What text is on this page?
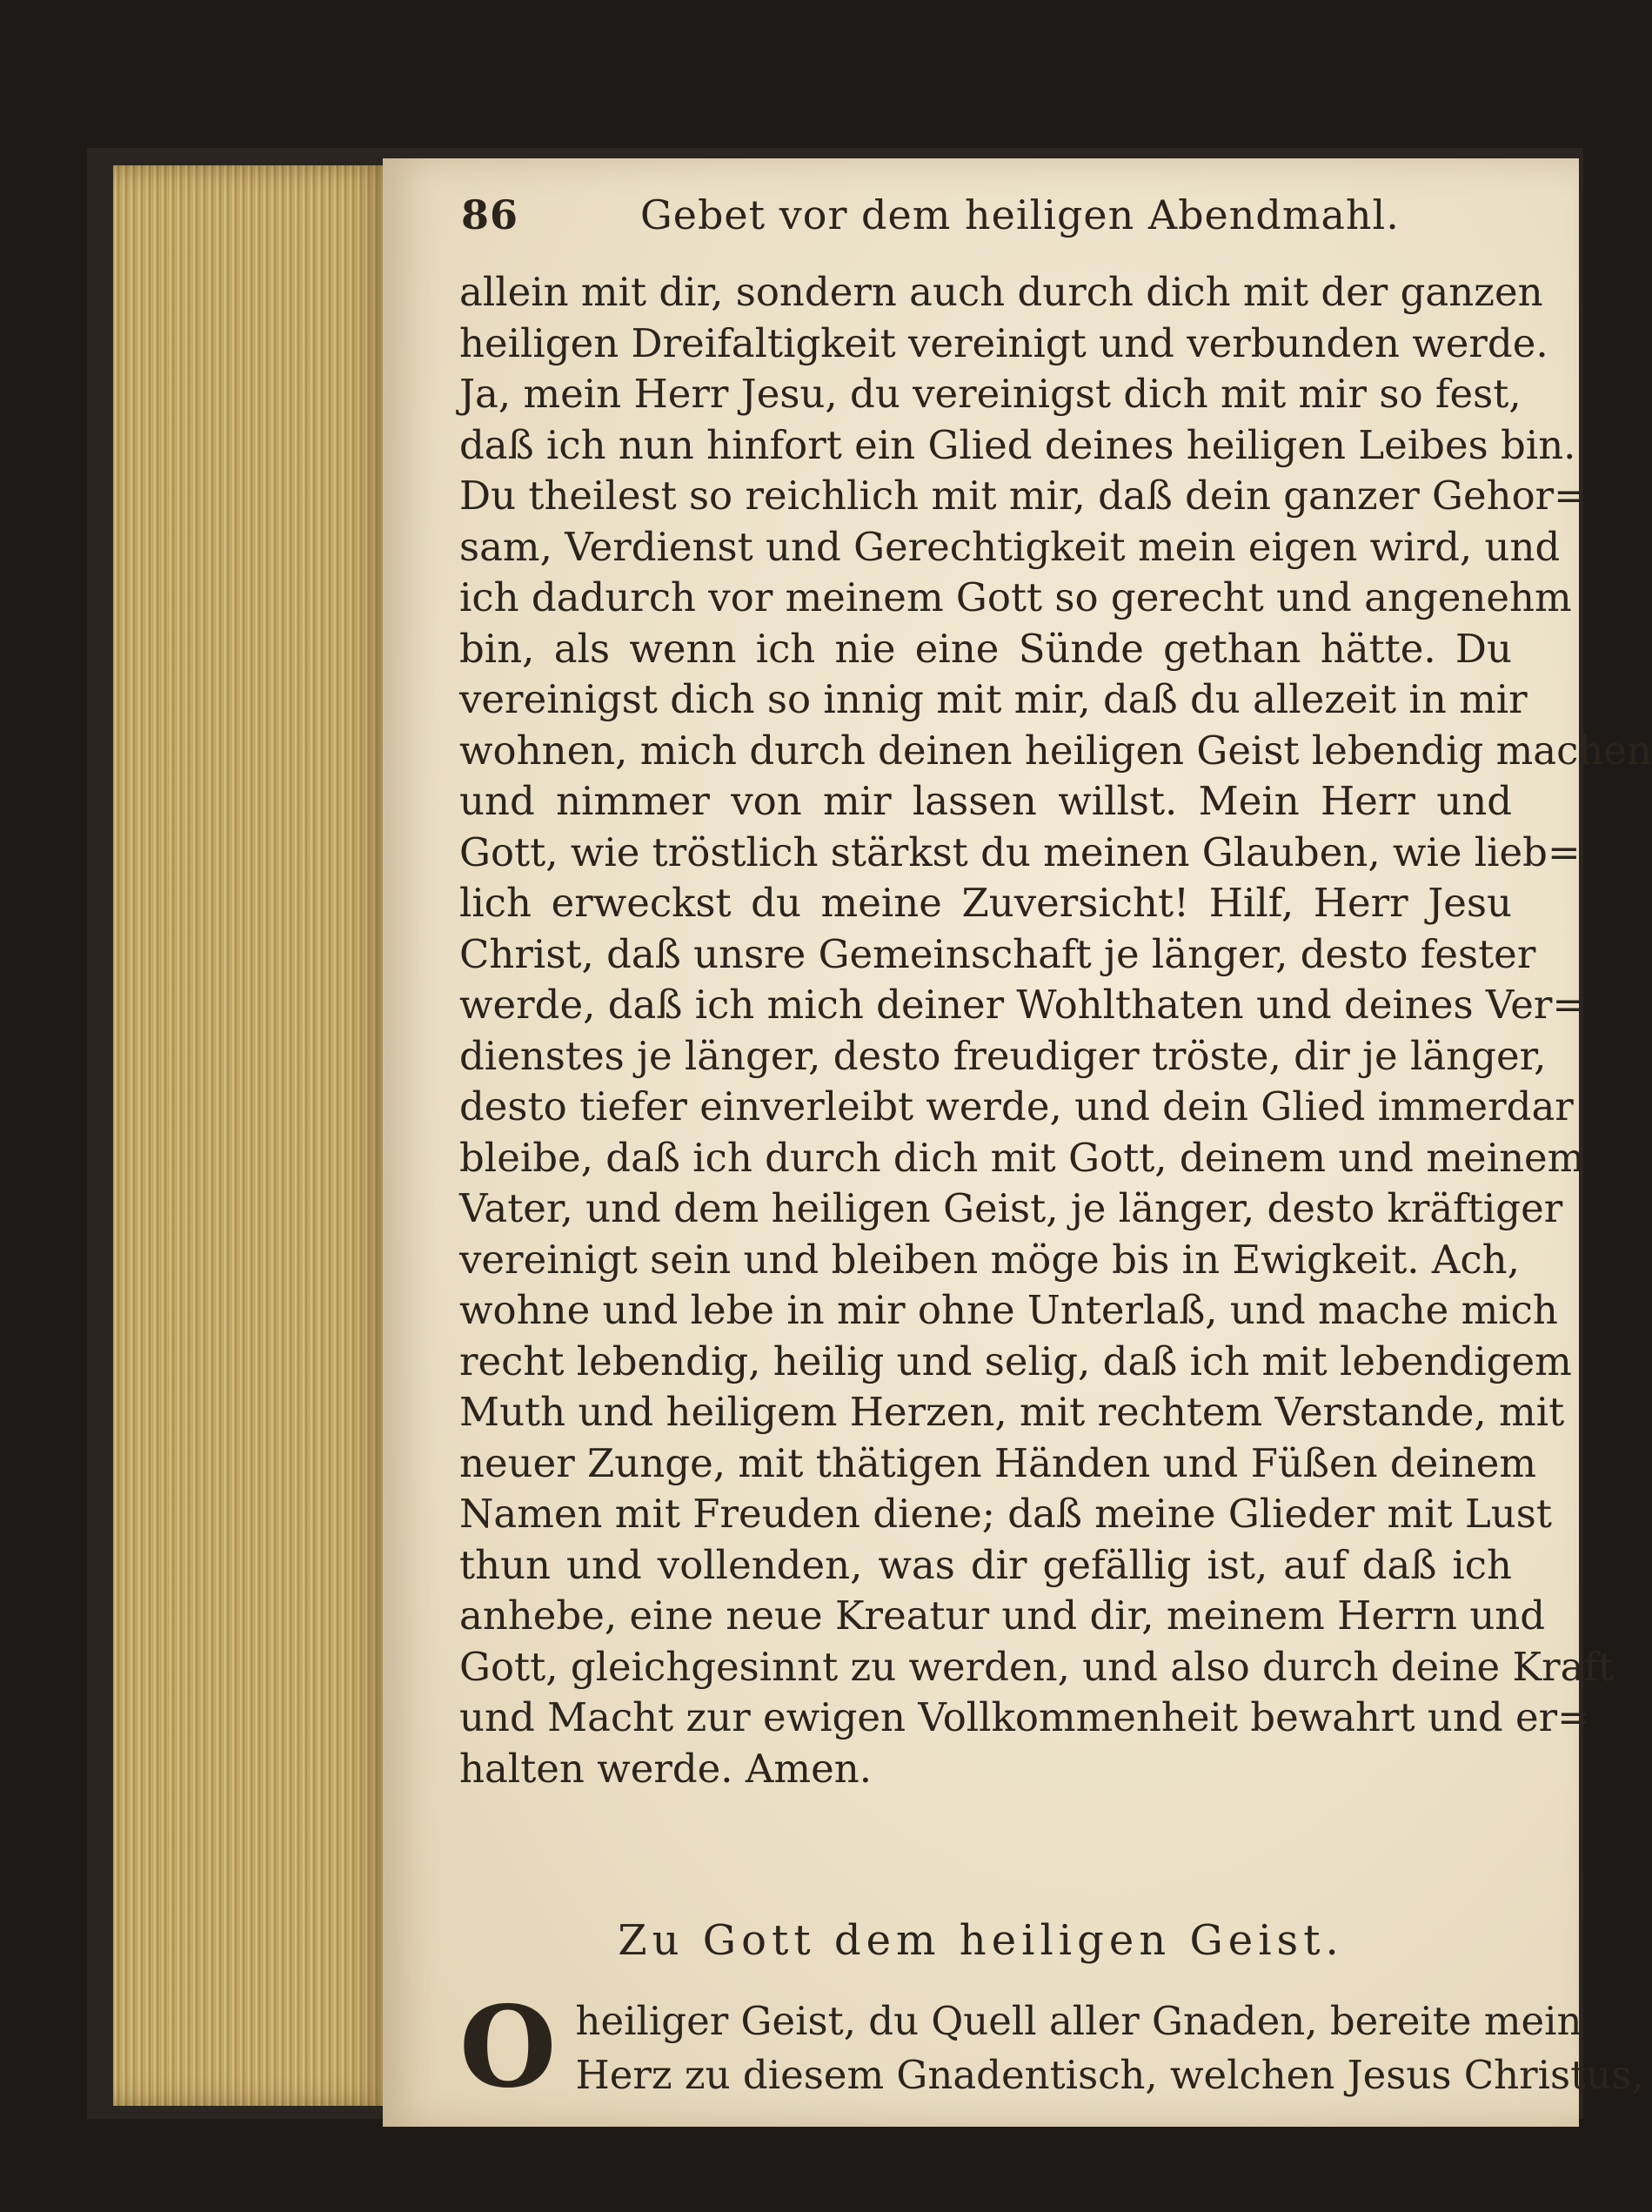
86	Gebet vor dem heiligen Abendmahl.
allein mit dir, sondern auch durch dich mit der ganzen
heiligen Dreifaltigkeit vereinigt und verbunden werde.
Ja, mein Herr Jesu, du vereinigst dich mit mir so fest,
daß ich nun hinfort ein Glied deines heiligen Leibes bin.
Du theilest so reichlich mit mir, daß dein ganzer Gehor=
sam, Verdienst und Gerechtigkeit mein eigen wird, und
ich dadurch vor meinem Gott so gerecht und angenehm
bin, als wenn ich nie eine Sünde gethan hätte. Du
vereinigst dich so innig mit mir, daß du allezeit in mir
wohnen, mich durch deinen heiligen Geist lebendig machen
und nimmer von mir lassen willst. Mein Herr und
Gott, wie tröstlich stärkst du meinen Glauben, wie lieb=
lich erweckst du meine Zuversicht! Hilf, Herr Jesu
Christ, daß unsre Gemeinschaft je länger, desto fester
werde, daß ich mich deiner Wohlthaten und deines Ver=
dienstes je länger, desto freudiger tröste, dir je länger,
desto tiefer einverleibt werde, und dein Glied immerdar
bleibe, daß ich durch dich mit Gott, deinem und meinem
Vater, und dem heiligen Geist, je länger, desto kräftiger
vereinigt sein und bleiben möge bis in Ewigkeit. Ach,
wohne und lebe in mir ohne Unterlaß, und mache mich
recht lebendig, heilig und selig, daß ich mit lebendigem
Muth und heiligem Herzen, mit rechtem Verstande, mit
neuer Zunge, mit thätigen Händen und Füßen deinem
Namen mit Freuden diene; daß meine Glieder mit Lust
thun und vollenden, was dir gefällig ist, auf daß ich
anhebe, eine neue Kreatur und dir, meinem Herrn und
Gott, gleichgesinnt zu werden, und also durch deine Kraft
und Macht zur ewigen Vollkommenheit bewahrt und er=
halten werde. Amen.
Zu Gott dem heiligen Geist.
O heiliger Geist, du Quell aller Gnaden, bereite mein
Herz zu diesem Gnadentisch, welchen Jesus Christus,
